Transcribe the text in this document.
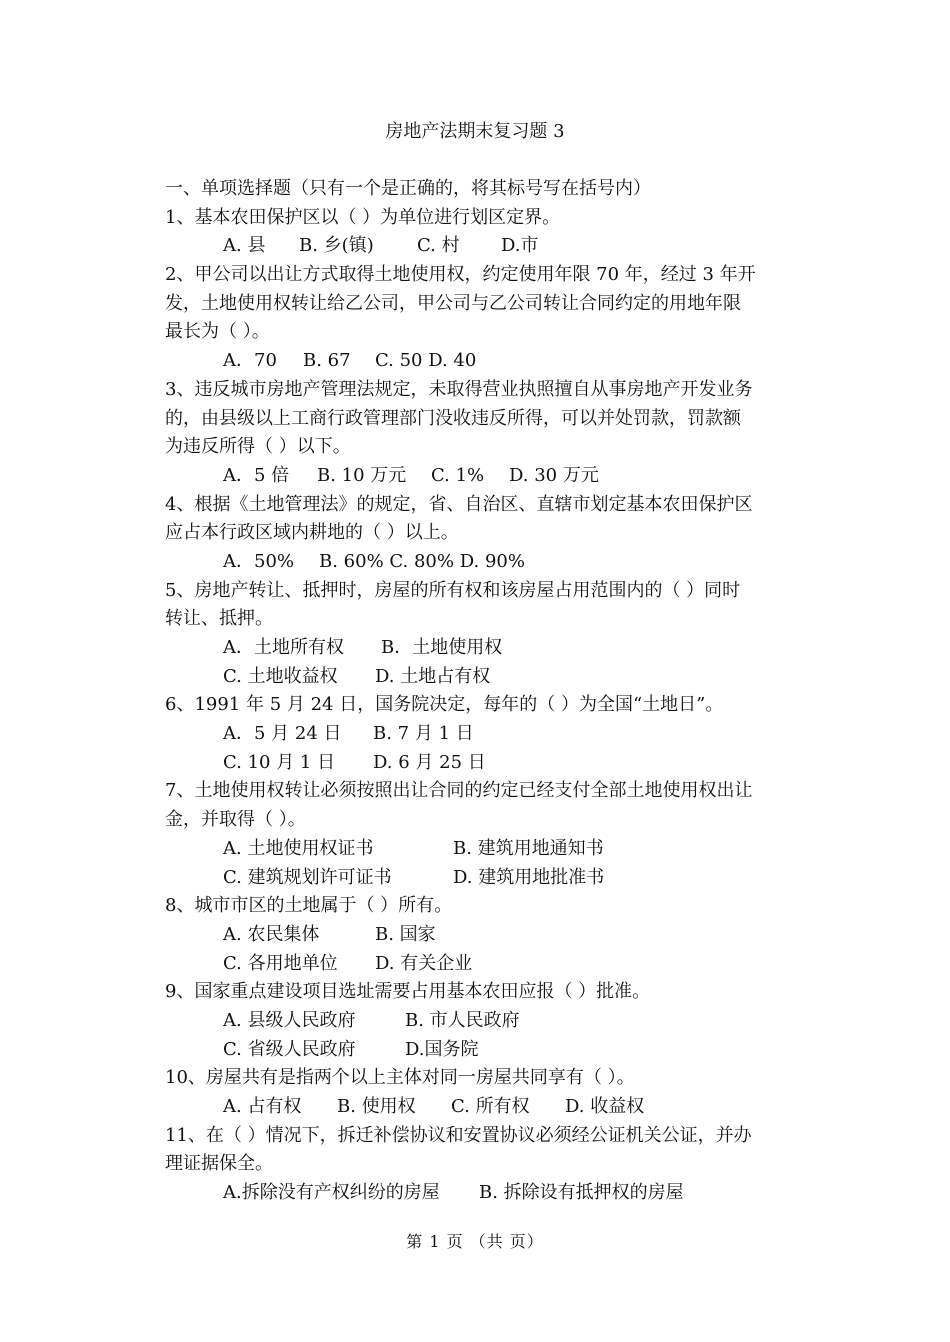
房地产法期末复习题 3
一、单项选择题（只有一个是正确的，将其标号写在括号内）
1、基本农田保护区以（ ）为单位进行划区定界。
A. 县 B. 乡(镇) C. 村 D.市
2、甲公司以出让方式取得土地使用权，约定使用年限 70 年，经过 3 年开
发，土地使用权转让给乙公司，甲公司与乙公司转让合同约定的用地年限
最长为（ ）。
A．70 B. 67 C. 50 D. 40
3、违反城市房地产管理法规定，未取得营业执照擅自从事房地产开发业务
的，由县级以上工商行政管理部门没收违反所得，可以并处罚款，罚款额
为违反所得（ ）以下。
A．5 倍 B. 10 万元 C. 1% D. 30 万元
4、根据《土地管理法》的规定，省、自治区、直辖市划定基本农田保护区
应占本行政区域内耕地的（ ）以上。
A．50% B. 60% C. 80% D. 90%
5、房地产转让、抵押时，房屋的所有权和该房屋占用范围内的（ ）同时
转让、抵押。
A．土地所有权 B．土地使用权
C. 土地收益权 D. 土地占有权
6、1991 年 5 月 24 日，国务院决定，每年的（ ）为全国“土地日”。
A．5 月 24 日 B. 7 月 1 日
C. 10 月 1 日 D. 6 月 25 日
7、土地使用权转让必须按照出让合同的约定已经支付全部土地使用权出让
金，并取得（ ）。
A. 土地使用权证书	B. 建筑用地通知书
C. 建筑规划许可证书	D. 建筑用地批准书
8、城市市区的土地属于（ ）所有。
A. 农民集体	B. 国家
C. 各用地单位 D. 有关企业
9、国家重点建设项目选址需要占用基本农田应报（ ）批准。
A. 县级人民政府	B. 市人民政府
C. 省级人民政府	D.国务院
10、房屋共有是指两个以上主体对同一房屋共同享有（ ）。
A. 占有权 B. 使用权 C. 所有权 D. 收益权
11、在（ ）情况下，拆迁补偿协议和安置协议必须经公证机关公证，并办
理证据保全。
A.拆除没有产权纠纷的房屋 B. 拆除设有抵押权的房屋
第 1 页 （共 页）
